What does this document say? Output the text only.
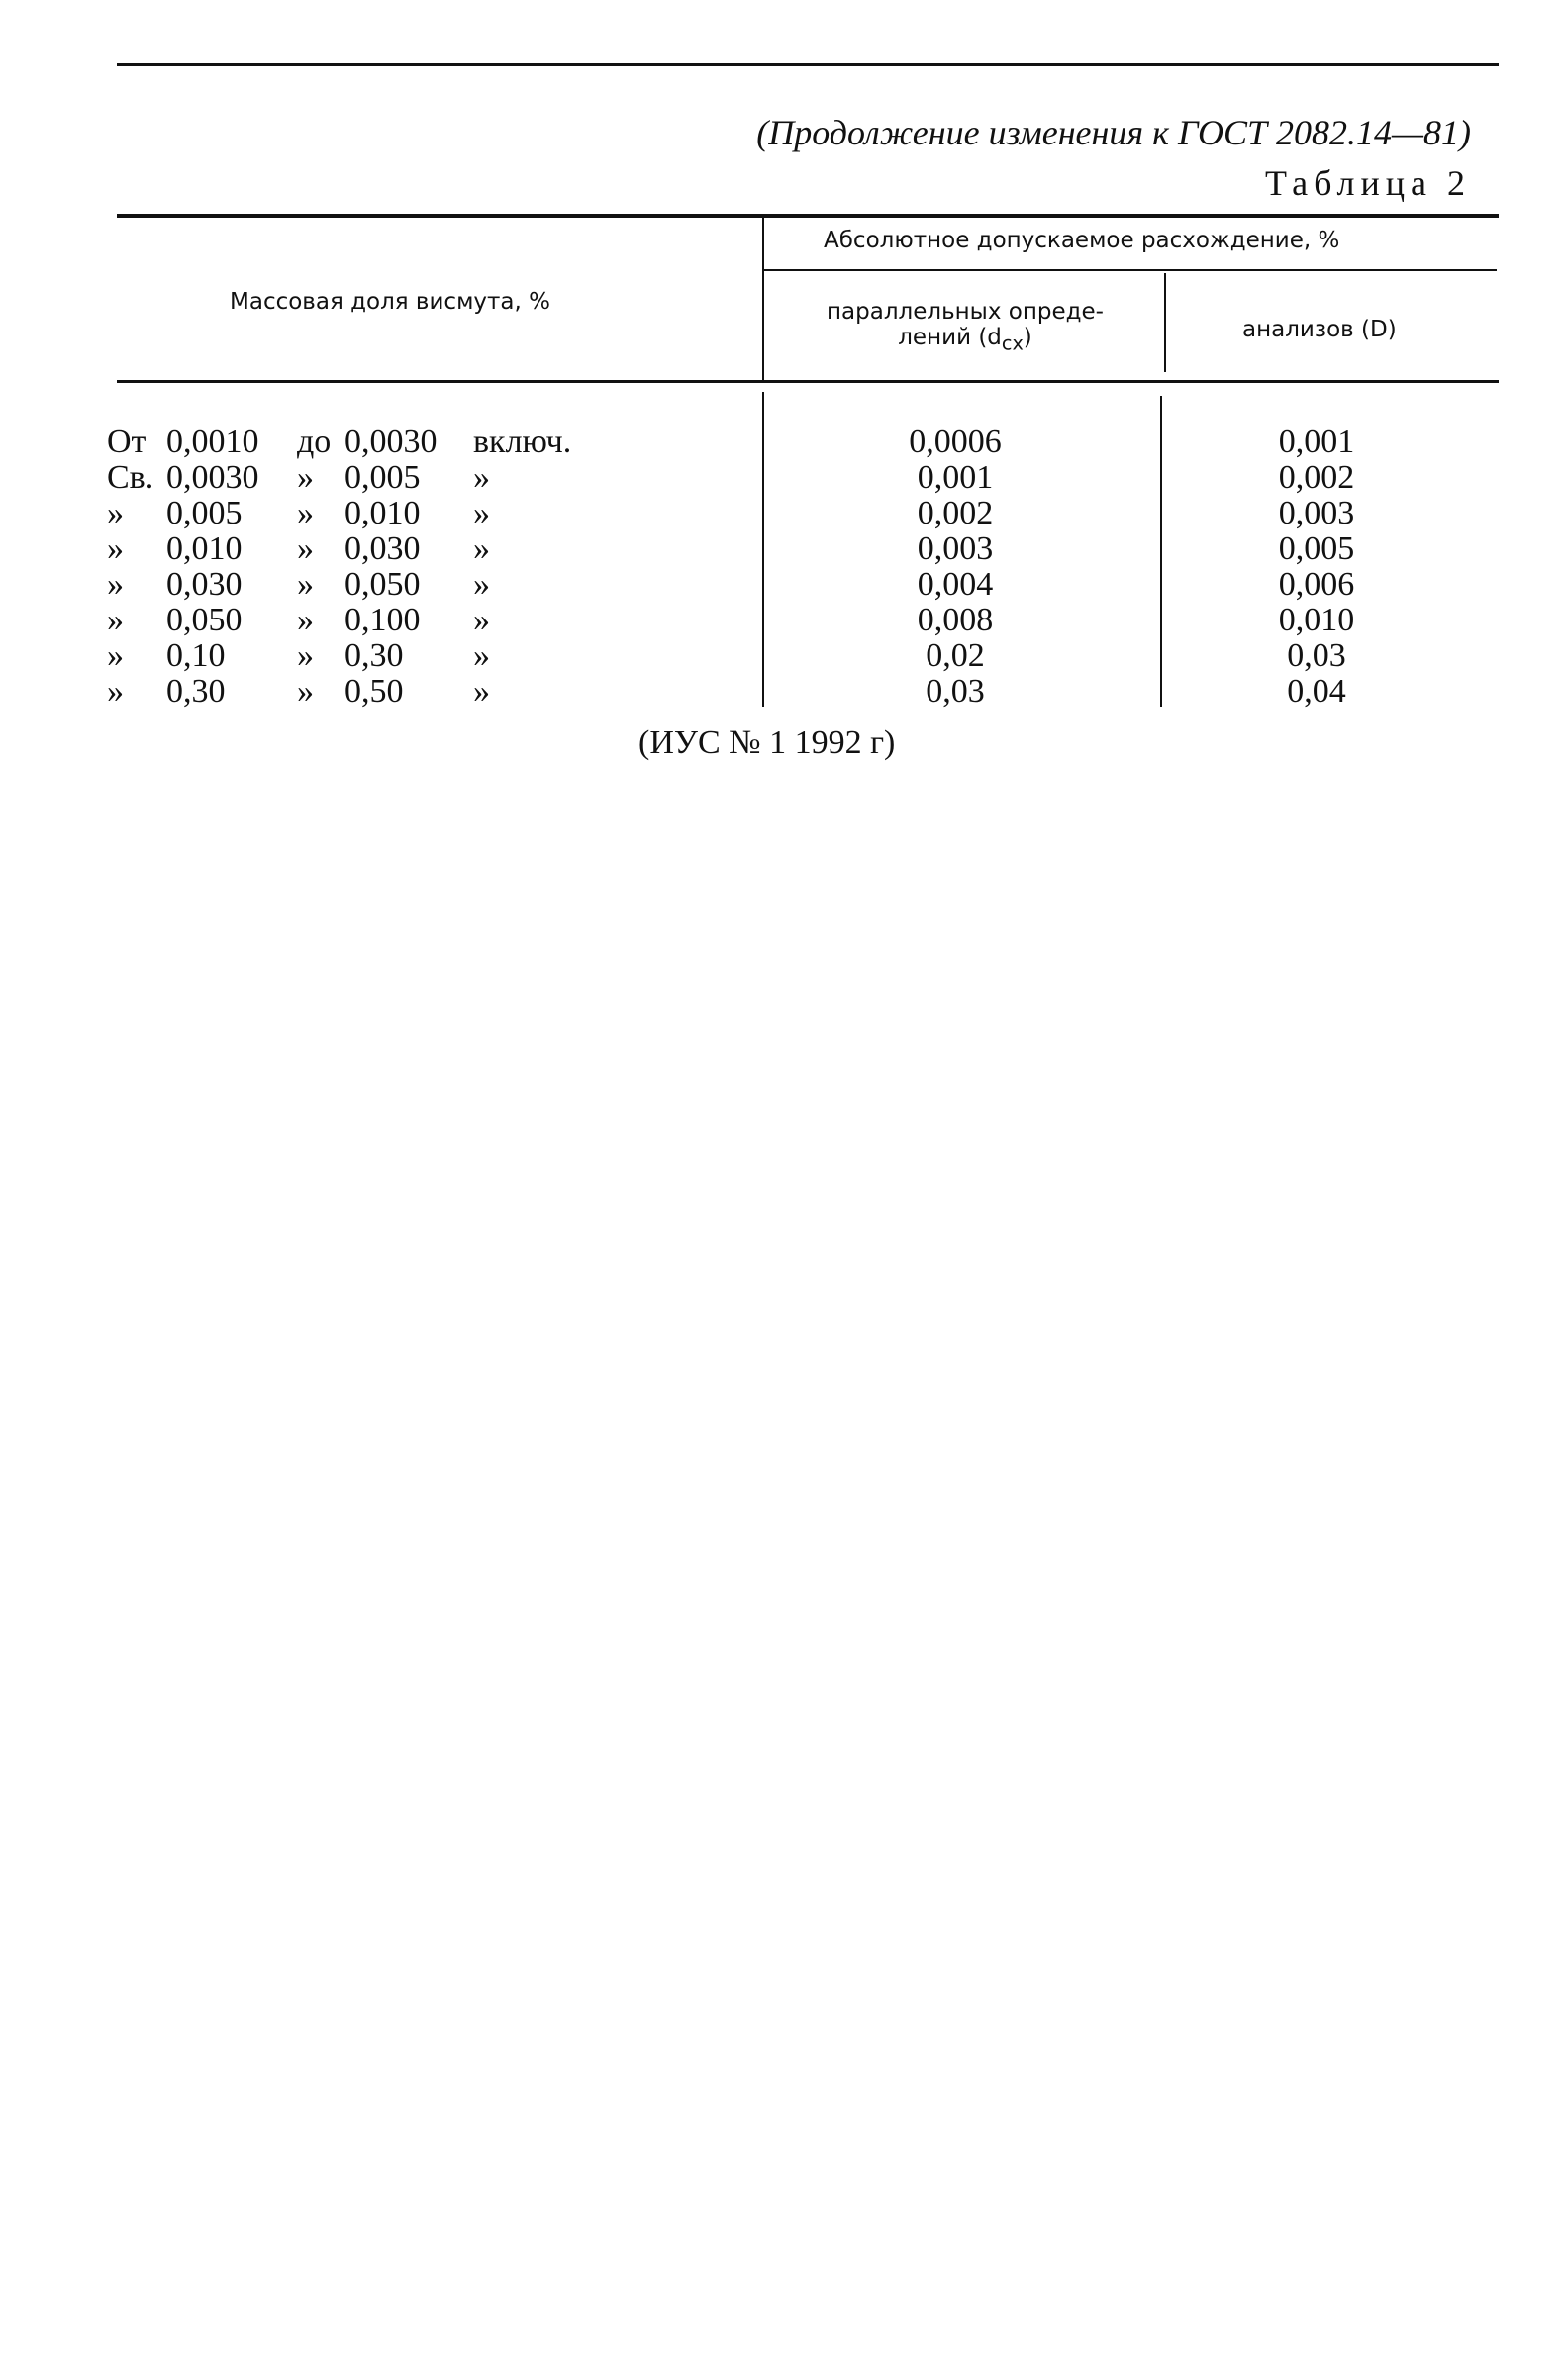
(Продолжение изменения к ГОСТ 2082.14—81)
Таблица 2
Массовая доля висмута, %
Абсолютное допускаемое расхождение, %
параллельных опреде-
лений $(d_{сх})$	анализов (D)
От 0,0010 до 0,0030 включ.	0,0006	0,001
Св. 0,0030 » 0,005 »	0,001	0,002
» 0,005 » 0,010 »	0,002	0,003
» 0,010 » 0,030 »	0,003	0,005
» 0,030 » 0,050 »	0,004	0,006
» 0,050 » 0,100 »	0,008	0,010
» 0,10 » 0,30 »	0,02	0,03
» 0,30 » 0,50 »	0,03	0,04
(ИУС № 1 1992 г)
